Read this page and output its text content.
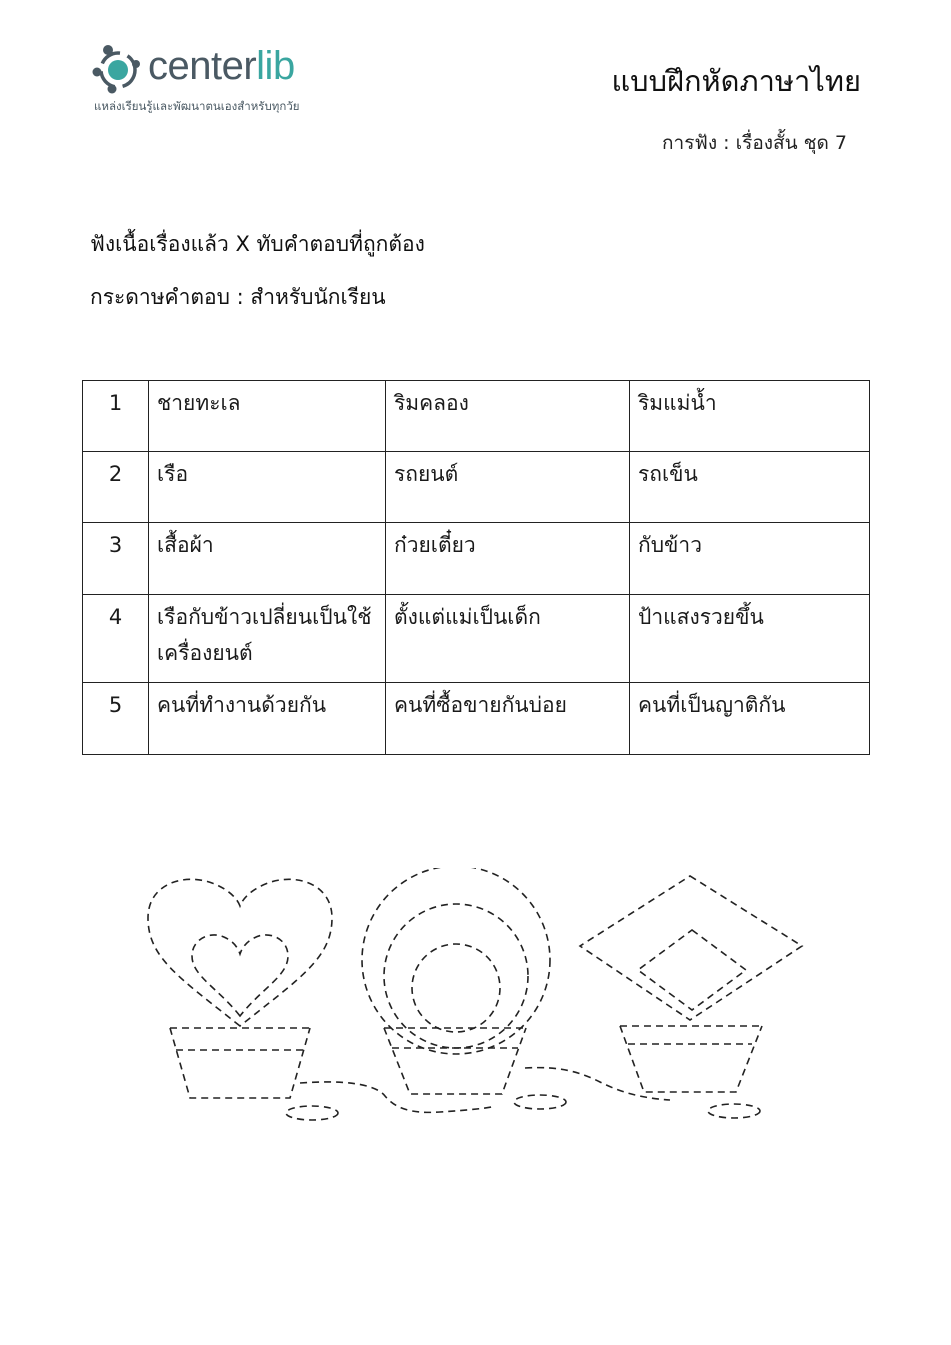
centerlib
แหล่งเรียนรู้และพัฒนาตนเองสำหรับทุกวัย
แบบฝึกหัดภาษาไทย
การฟัง : เรื่องสั้น ชุด 7
ฟังเนื้อเรื่องแล้ว X ทับคำตอบที่ถูกต้อง
กระดาษคำตอบ : สำหรับนักเรียน
1	ชายทะเล	ริมคลอง	ริมแม่น้ำ
2	เรือ	รถยนต์	รถเข็น
3	เสื้อผ้า	ก๋วยเตี๋ยว	กับข้าว
4	เรือกับข้าวเปลี่ยนเป็นใช้เครื่องยนต์	ตั้งแต่แม่เป็นเด็ก	ป้าแสงรวยขึ้น
5	คนที่ทำงานด้วยกัน	คนที่ซื้อขายกันบ่อย	คนที่เป็นญาติกัน
